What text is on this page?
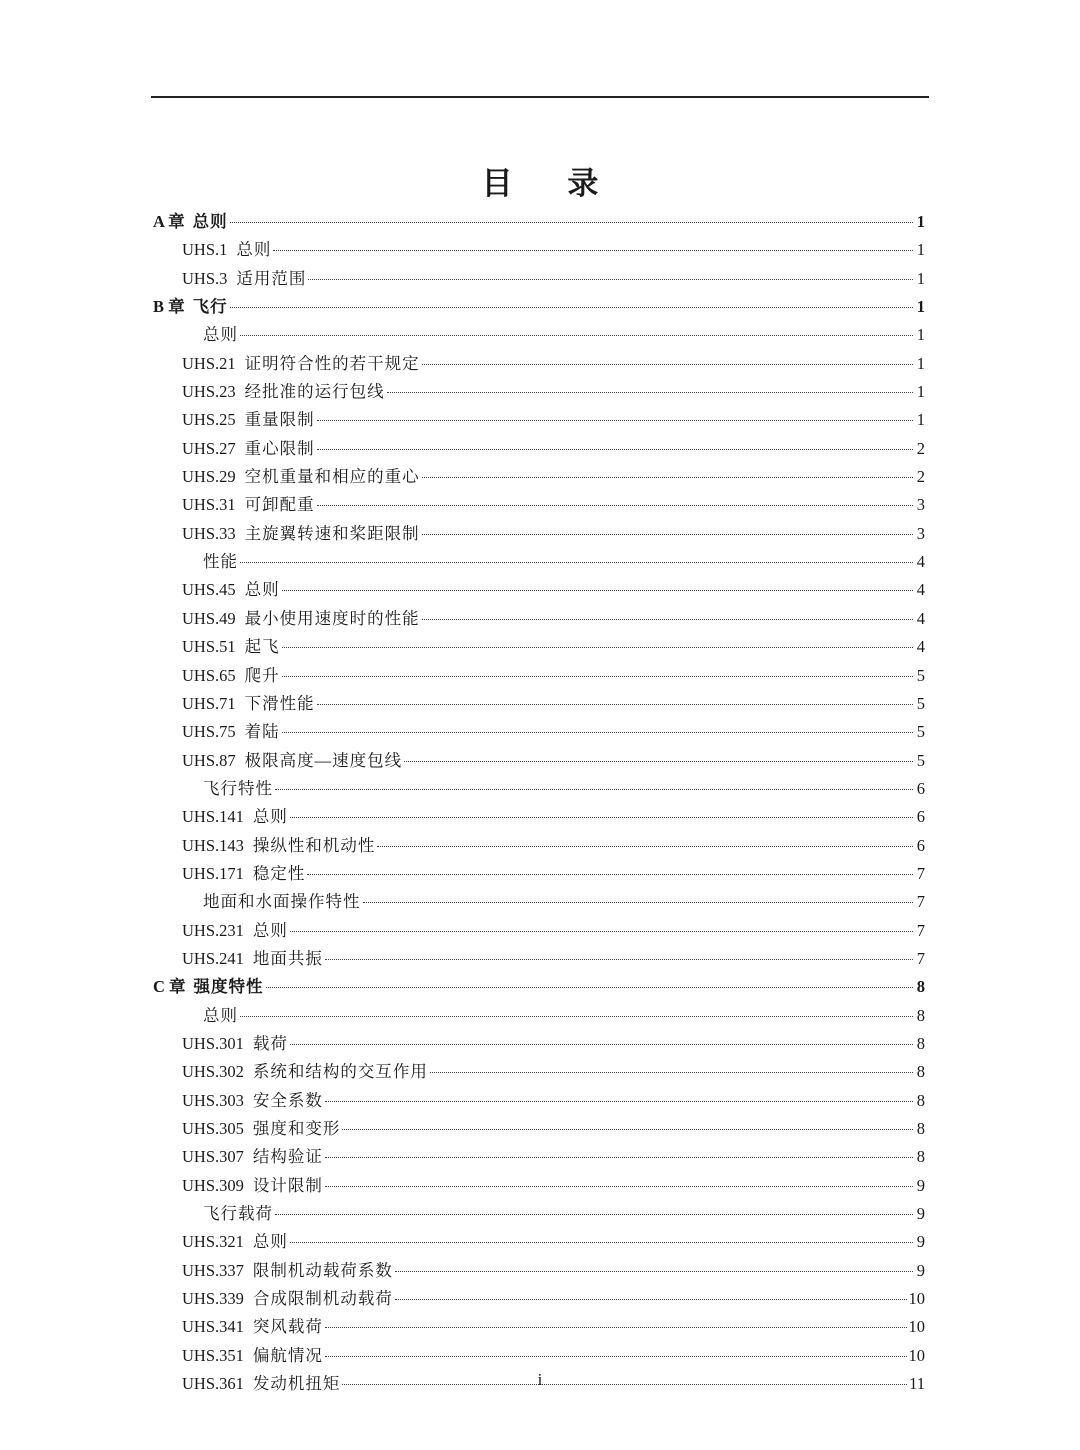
目 录
A 章 总则	1
UHS.1 总则	1
UHS.3 适用范围	1
B 章 飞行	1
总则	1
UHS.21 证明符合性的若干规定	1
UHS.23 经批准的运行包线	1
UHS.25 重量限制	1
UHS.27 重心限制	2
UHS.29 空机重量和相应的重心	2
UHS.31 可卸配重	3
UHS.33 主旋翼转速和桨距限制	3
性能	4
UHS.45 总则	4
UHS.49 最小使用速度时的性能	4
UHS.51 起飞	4
UHS.65 爬升	5
UHS.71 下滑性能	5
UHS.75 着陆	5
UHS.87 极限高度—速度包线	5
飞行特性	6
UHS.141 总则	6
UHS.143 操纵性和机动性	6
UHS.171 稳定性	7
地面和水面操作特性	7
UHS.231 总则	7
UHS.241 地面共振	7
C 章 强度特性	8
总则	8
UHS.301 载荷	8
UHS.302 系统和结构的交互作用	8
UHS.303 安全系数	8
UHS.305 强度和变形	8
UHS.307 结构验证	8
UHS.309 设计限制	9
飞行载荷	9
UHS.321 总则	9
UHS.337 限制机动载荷系数	9
UHS.339 合成限制机动载荷	10
UHS.341 突风载荷	10
UHS.351 偏航情况	10
UHS.361 发动机扭矩	11
i
